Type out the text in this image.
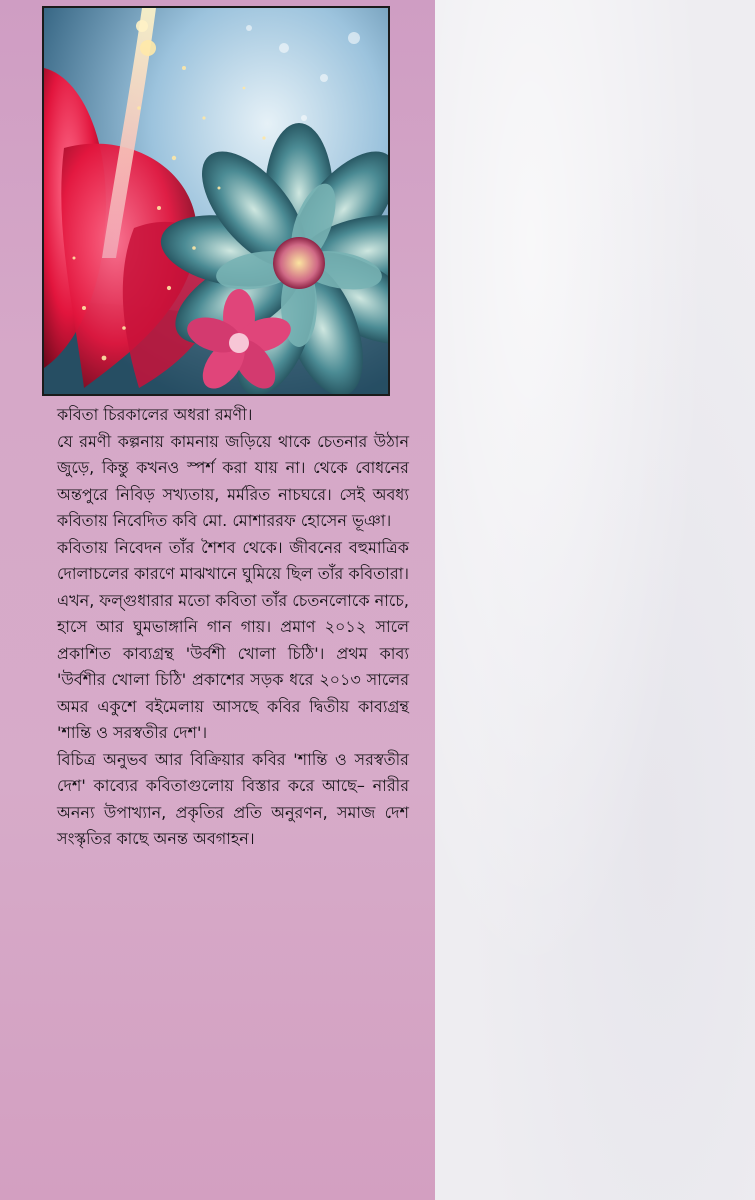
কবিতা চিরকালের অধরা রমণী।

যে রমণী কল্পনায় কামনায় জড়িয়ে থাকে চেতনার উঠান জুড়ে, কিন্তু কখনও স্পর্শ করা যায় না। থেকে বোধনের অন্তপুরে নিবিড় সখ্যতায়, মর্মরিত নাচঘরে। সেই অবধ্য কবিতায় নিবেদিত কবি মো. মোশাররফ হোসেন ভূঞা।

কবিতায় নিবেদন তাঁর শৈশব থেকে। জীবনের বহুমাত্রিক দোলাচলের কারণে মাঝখানে ঘুমিয়ে ছিল তাঁর কবিতারা। এখন, ফল্গুধারার মতো কবিতা তাঁর চেতনলোকে নাচে, হাসে আর ঘুমভাঙ্গানি গান গায়। প্রমাণ ২০১২ সালে প্রকাশিত কাব্যগ্রন্থ 'উর্বশী খোলা চিঠি'। প্রথম কাব্য 'উর্বশীর খোলা চিঠি' প্রকাশের সড়ক ধরে ২০১৩ সালের অমর একুশে বইমেলায় আসছে কবির দ্বিতীয় কাব্যগ্রন্থ 'শান্তি ও সরস্বতীর দেশ'।

বিচিত্র অনুভব আর বিক্রিয়ার কবির 'শান্তি ও সরস্বতীর দেশ' কাব্যের কবিতাগুলোয় বিস্তার করে আছে– নারীর অনন্য উপাখ্যান, প্রকৃতির প্রতি অনুরণন, সমাজ দেশ সংস্কৃতির কাছে অনন্ত অবগাহন।
